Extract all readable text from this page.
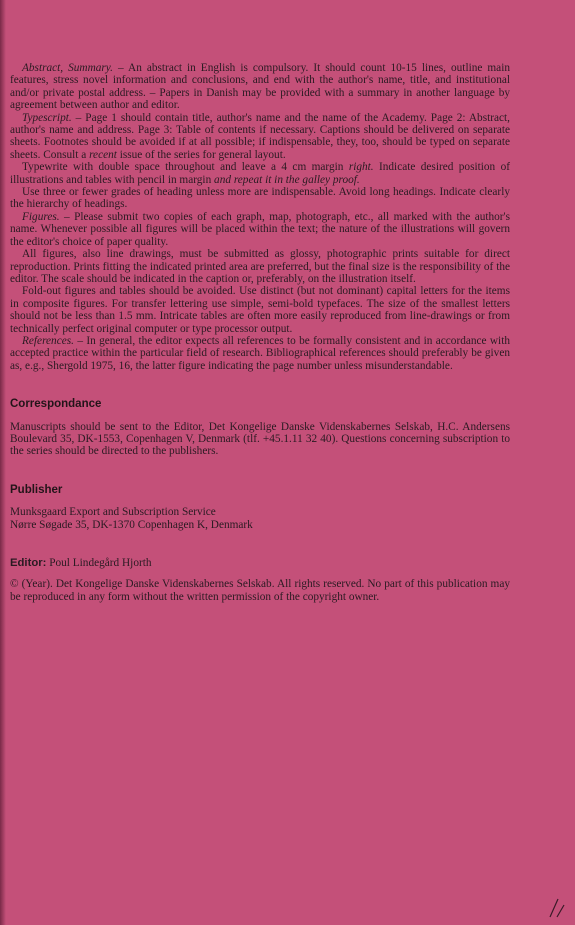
Abstract, Summary. – An abstract in English is compulsory. It should count 10-15 lines, outline main features, stress novel information and conclusions, and end with the author's name, title, and institutional and/or private postal address. – Papers in Danish may be provided with a summary in another language by agreement between author and editor.

Typescript. – Page 1 should contain title, author's name and the name of the Academy. Page 2: Abstract, author's name and address. Page 3: Table of contents if necessary. Captions should be delivered on separate sheets. Footnotes should be avoided if at all possible; if indispensable, they, too, should be typed on separate sheets. Consult a recent issue of the series for general layout.

Typewrite with double space throughout and leave a 4 cm margin right. Indicate desired position of illustrations and tables with pencil in margin and repeat it in the galley proof.

Use three or fewer grades of heading unless more are indispensable. Avoid long headings. Indicate clearly the hierarchy of headings.

Figures. – Please submit two copies of each graph, map, photograph, etc., all marked with the author's name. Whenever possible all figures will be placed within the text; the nature of the illustrations will govern the editor's choice of paper quality.

All figures, also line drawings, must be submitted as glossy, photographic prints suitable for direct reproduction. Prints fitting the indicated printed area are preferred, but the final size is the responsibility of the editor. The scale should be indicated in the caption or, preferably, on the illustration itself.

Fold-out figures and tables should be avoided. Use distinct (but not dominant) capital letters for the items in composite figures. For transfer lettering use simple, semi-bold typefaces. The size of the smallest letters should not be less than 1.5 mm. Intricate tables are often more easily reproduced from line-drawings or from technically perfect original computer or type processor output.

References. – In general, the editor expects all references to be formally consistent and in accordance with accepted practice within the particular field of research. Bibliographical references should preferably be given as, e.g., Shergold 1975, 16, the latter figure indicating the page number unless misunderstandable.

Correspondance

Manuscripts should be sent to the Editor, Det Kongelige Danske Videnskabernes Selskab, H.C. Andersens Boulevard 35, DK-1553, Copenhagen V, Denmark (tlf. +45.1.11 32 40). Questions concerning subscription to the series should be directed to the publishers.

Publisher

Munksgaard Export and Subscription Service

Nørre Søgade 35, DK-1370 Copenhagen K, Denmark

Editor: Poul Lindegård Hjorth

© (Year). Det Kongelige Danske Videnskabernes Selskab. All rights reserved. No part of this publication may be reproduced in any form without the written permission of the copyright owner.
